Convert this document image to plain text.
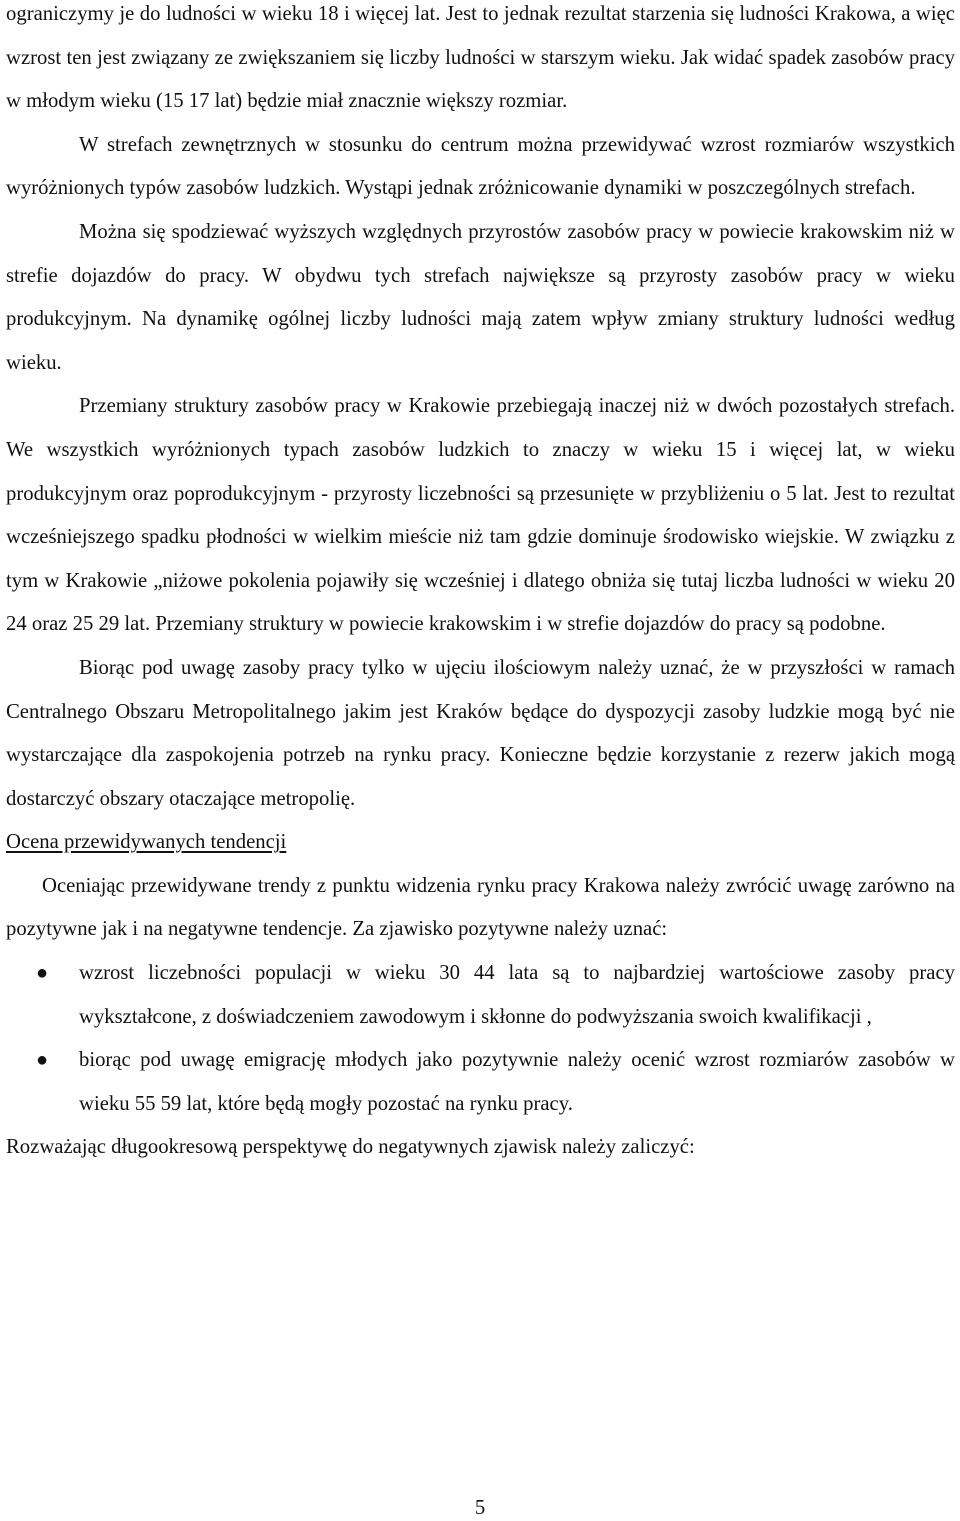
ograniczymy je do ludności w wieku 18 i więcej lat. Jest to jednak rezultat starzenia się ludności Krakowa, a więc wzrost ten jest związany ze zwiększaniem się liczby ludności w starszym wieku. Jak widać spadek zasobów pracy w młodym wieku (15 17 lat) będzie miał znacznie większy rozmiar.

W strefach zewnętrznych w stosunku do centrum można przewidywać wzrost rozmiarów wszystkich wyróżnionych typów zasobów ludzkich. Wystąpi jednak zróżnicowanie dynamiki w poszczególnych strefach.

Można się spodziewać wyższych względnych przyrostów zasobów pracy w powiecie krakowskim niż w strefie dojazdów do pracy. W obydwu tych strefach największe są przyrosty zasobów pracy w wieku produkcyjnym. Na dynamikę ogólnej liczby ludności mają zatem wpływ zmiany struktury ludności według wieku.

Przemiany struktury zasobów pracy w Krakowie przebiegają inaczej niż w dwóch pozostałych strefach. We wszystkich wyróżnionych typach zasobów ludzkich to znaczy w wieku 15 i więcej lat, w wieku produkcyjnym oraz poprodukcyjnym - przyrosty liczebności są przesunięte w przybliżeniu o 5 lat. Jest to rezultat wcześniejszego spadku płodności w wielkim mieście niż tam gdzie dominuje środowisko wiejskie. W związku z tym w Krakowie „niżowe pokolenia pojawiły się wcześniej i dlatego obniża się tutaj liczba ludności w wieku 20 24 oraz 25 29 lat. Przemiany struktury w powiecie krakowskim i w strefie dojazdów do pracy są podobne.

Biorąc pod uwagę zasoby pracy tylko w ujęciu ilościowym należy uznać, że w przyszłości w ramach Centralnego Obszaru Metropolitalnego jakim jest Kraków będące do dyspozycji zasoby ludzkie mogą być nie wystarczające dla zaspokojenia potrzeb na rynku pracy. Konieczne będzie korzystanie z rezerw jakich mogą dostarczyć obszary otaczające metropolię.

Ocena przewidywanych tendencji

Oceniając przewidywane trendy z punktu widzenia rynku pracy Krakowa należy zwrócić uwagę zarówno na pozytywne jak i na negatywne tendencje. Za zjawisko pozytywne należy uznać:

● wzrost liczebności populacji w wieku 30 44 lata są to najbardziej wartościowe zasoby pracy wykształcone, z doświadczeniem zawodowym i skłonne do podwyższania swoich kwalifikacji ,
● biorąc pod uwagę emigrację młodych jako pozytywnie należy ocenić wzrost rozmiarów zasobów w wieku 55 59 lat, które będą mogły pozostać na rynku pracy.

Rozważając długookresową perspektywę do negatywnych zjawisk należy zaliczyć:

5
